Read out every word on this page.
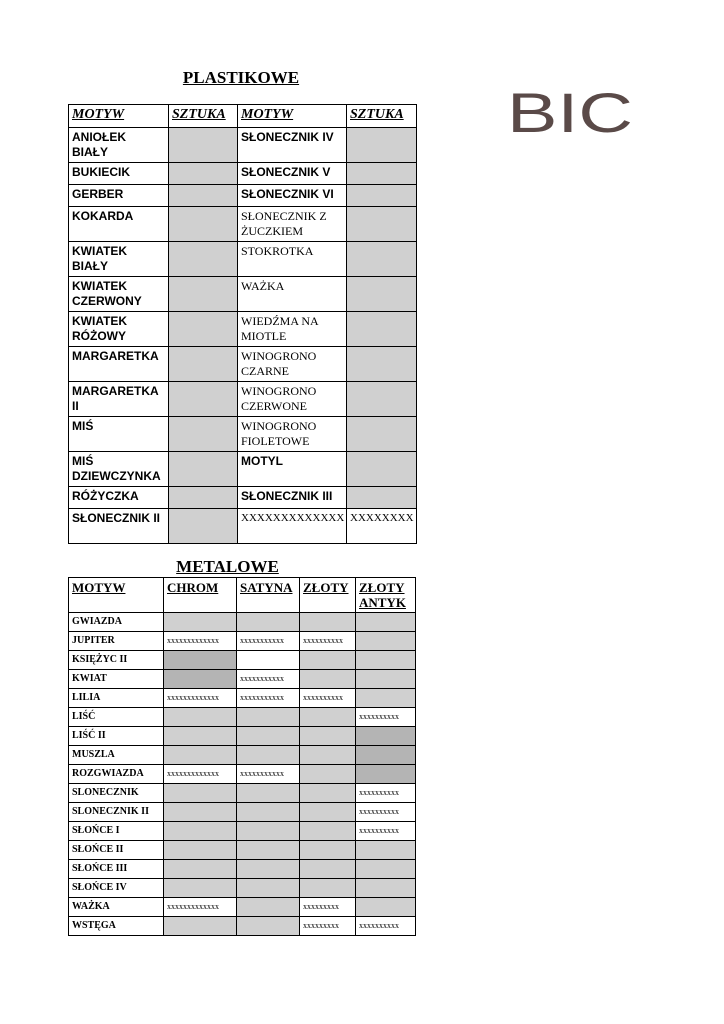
PLASTIKOWE
BIC
MOTYW	SZTUKA	MOTYW	SZTUKA
ANIOŁEK BIAŁY		SŁONECZNIK IV	
BUKIECIK		SŁONECZNIK V	
GERBER		SŁONECZNIK VI	
KOKARDA		SŁONECZNIK Z ŻUCZKIEM	
KWIATEK BIAŁY		STOKROTKA	
KWIATEK CZERWONY		WAŻKA	
KWIATEK RÓŻOWY		WIEDŹMA NA MIOTLE	
MARGARETKA		WINOGRONO CZARNE	
MARGARETKA II		WINOGRONO CZERWONE	
MIŚ		WINOGRONO FIOLETOWE	
MIŚ DZIEWCZYNKA		MOTYL	
RÓŻYCZKA		SŁONECZNIK III	
SŁONECZNIK II		XXXXXXXXXXXXX	XXXXXXXX
METALOWE
MOTYW	CHROM	SATYNA	ZŁOTY	ZŁOTY ANTYK
GWIAZDA				
JUPITER	xxxxxxxxxxxxx	xxxxxxxxxxx	xxxxxxxxxx	
KSIĘŻYC II				
KWIAT		xxxxxxxxxxx		
LILIA	xxxxxxxxxxxxx	xxxxxxxxxxx	xxxxxxxxxx	
LIŚĆ				xxxxxxxxxx
LIŚĆ II				
MUSZLA				
ROZGWIAZDA	xxxxxxxxxxxxx	xxxxxxxxxxx		
SLONECZNIK				xxxxxxxxxx
SLONECZNIK II				xxxxxxxxxx
SŁOŃCE I				xxxxxxxxxx
SŁOŃCE II				
SŁOŃCE III				
SŁOŃCE IV				
WAŻKA	xxxxxxxxxxxxx		xxxxxxxxx	
WSTĘGA			xxxxxxxxx	xxxxxxxxxx
